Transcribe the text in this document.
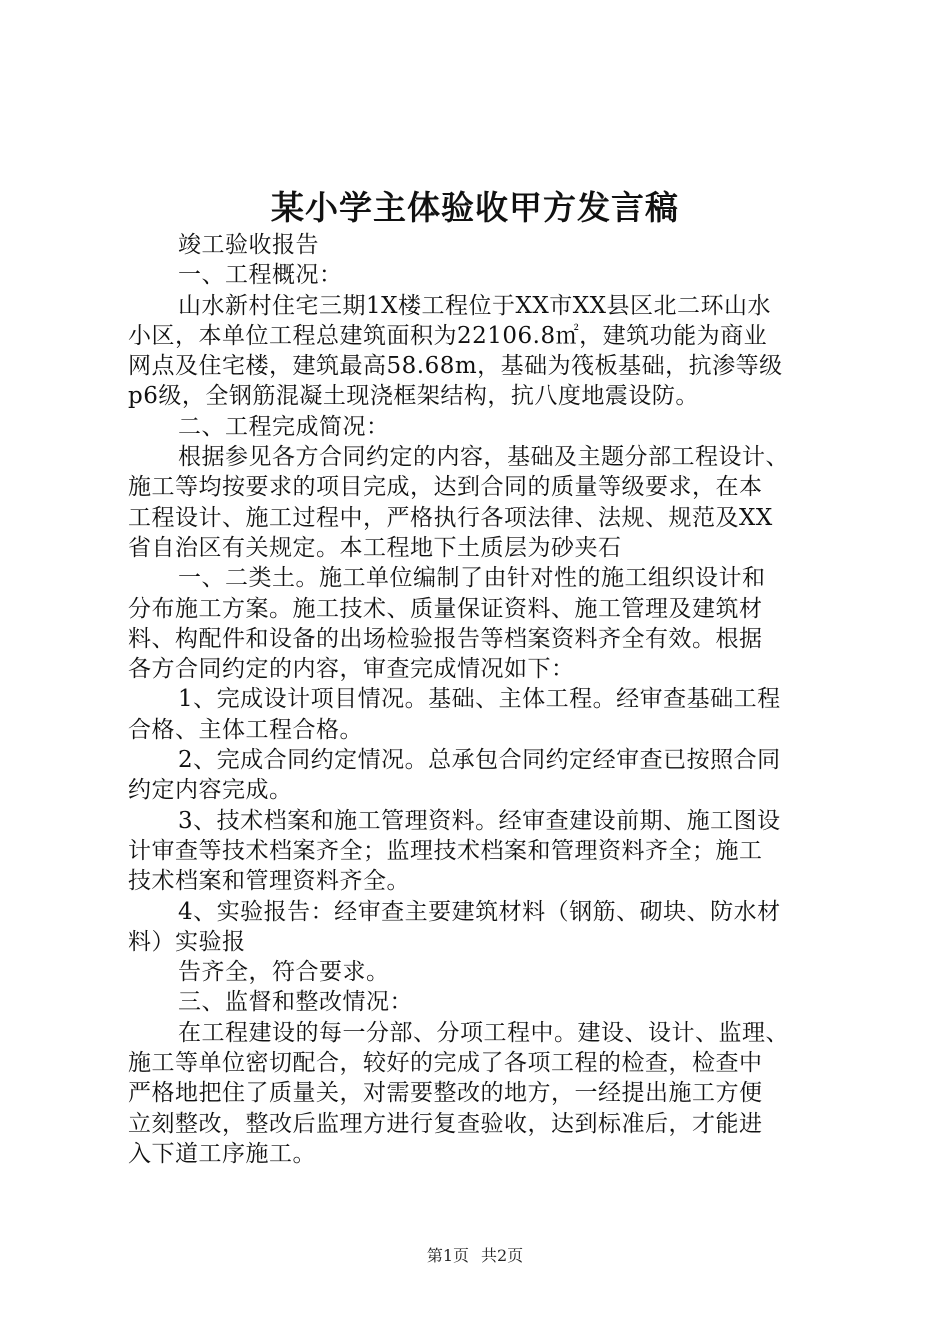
某小学主体验收甲方发言稿
竣工验收报告
一、工程概况：
山水新村住宅三期1X楼工程位于XX市XX县区北二环山水
小区，本单位工程总建筑面积为22106.8㎡，建筑功能为商业
网点及住宅楼，建筑最高58.68m，基础为筏板基础，抗渗等级
p6级，全钢筋混凝土现浇框架结构，抗八度地震设防。
二、工程完成简况：
根据参见各方合同约定的内容，基础及主题分部工程设计、
施工等均按要求的项目完成，达到合同的质量等级要求，在本
工程设计、施工过程中，严格执行各项法律、法规、规范及XX
省自治区有关规定。本工程地下土质层为砂夹石
一、二类土。施工单位编制了由针对性的施工组织设计和
分布施工方案。施工技术、质量保证资料、施工管理及建筑材
料、构配件和设备的出场检验报告等档案资料齐全有效。根据
各方合同约定的内容，审查完成情况如下：
1、完成设计项目情况。基础、主体工程。经审查基础工程
合格、主体工程合格。
2、完成合同约定情况。总承包合同约定经审查已按照合同
约定内容完成。
3、技术档案和施工管理资料。经审查建设前期、施工图设
计审查等技术档案齐全；监理技术档案和管理资料齐全；施工
技术档案和管理资料齐全。
4、实验报告：经审查主要建筑材料（钢筋、砌块、防水材
料）实验报
告齐全，符合要求。
三、监督和整改情况：
在工程建设的每一分部、分项工程中。建设、设计、监理、
施工等单位密切配合，较好的完成了各项工程的检查，检查中
严格地把住了质量关，对需要整改的地方，一经提出施工方便
立刻整改，整改后监理方进行复查验收，达到标准后，才能进
入下道工序施工。
第1页 共2页
